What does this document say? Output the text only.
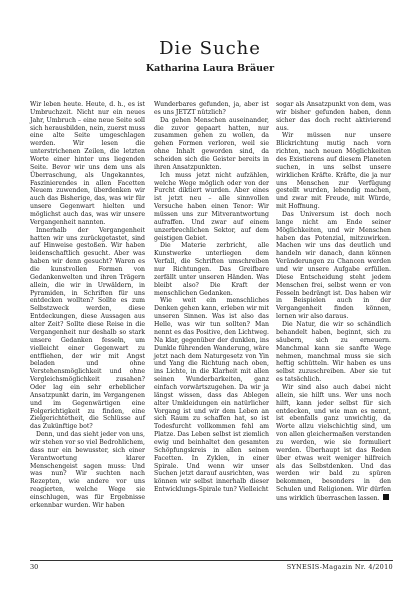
Die Suche
Katharina Laura Bräuer

Wir leben heute. Heute, d. h., es ist Umbruchzeit. Nicht nur ein neues Jahr, Umbruch – eine neue Seite soll sich herausbilden, nein, zuerst muss eine alte Seite umgeschlagen werden. Wir lesen die unterstrichenen Zeilen, die letzten Worte einer hinter uns liegenden Seite. Bevor wir uns dem uns als Überraschung, als Ungekanntes, Faszinierendes in allen Facetten Neuem zuwenden, überdenken wir auch das Bisherige, das, was wir für unsere Gegenwart hielten und möglichst auch das, was wir unsere Vergangenheit nannten.

Innerhalb der Vergangenheit hatten wir uns zurückgetastet, sind auf Hinweise gestoßen. Wir haben leidenschaftlich gesucht. Aber was haben wir denn gesucht? Waren es die kunstvollen Formen von Gedankenwelten und ihren Trägern allein, die wir in Urwäldern, in Pyramiden, in Schriften für uns entdecken wollten? Sollte es zum Selbstzweck werden, diese Entdeckungen, diese Aussagen aus alter Zeit? Sollte diese Reise in die Vergangenheit nur deshalb so stark unsere Gedanken fesseln, um vielleicht einer Gegenwart zu entfliehen, der wir mit Angst beladen und ohne Verstehensmöglichkeit und ohne Vergleichsmöglichkeit zusahen? Oder lag ein sehr erheblicher Ansatzpunkt darin, im Vergangenen und im Gegenwärtigen eine Folgerichtigkeit zu finden, eine Zielgerichtetheit, die Schlüsse auf das Zukünftige bot?

Denn, und das sieht jeder von uns, wir stehen vor so viel Bedrohlichem, dass nur ein bewusster, sich einer Verantwortung klarer Menschengeist sagen muss: Und was nun? Wir suchten nach Rezepten, wie andere vor uns reagierten, welche Wege sie einschlugen, was für Ergebnisse erkennbar wurden. Wir haben

Wunderbares gefunden, ja, aber ist es uns JETZT nützlich?

Da gehen Menschen auseinander, die zuvor gepaart hatten, nur zusammen gehen zu wollen, da gehen Formen verloren, weil sie ohne Inhalt geworden sind, da scheiden sich die Geister bereits in ihren Ansatzpunkten.

Ich muss jetzt nicht aufzählen, welche Wege möglich oder von der Furcht diktiert wurden. Aber eines ist jetzt neu – alle sinnvollen Versuche haben einen Tenor: Wir müssen uns zur Mitverantwortung aufraffen. Und zwar auf einem unzerbrechlichen Sektor, auf dem geistigen Gebiet.

Die Materie zerbricht, alle Kunstwerke unterliegen dem Verfall, die Schriften umschreiben nur Richtungen. Das Greifbare zerfällt unter unseren Händen. Was bleibt also? Die Kraft der menschlichen Gedanken.

Wie weit ein menschliches Denken gehen kann, erleben wir mit unseren Sinnen. Was ist also das Helle, was wir tun sollten? Man nennt es das Positive, den Lichtweg. Na klar, gegenüber der dunklen, ins Dunkle führenden Wanderung, wäre jetzt nach dem Naturgesetz von Yin und Yang die Richtung nach oben, ins Lichte, in die Klarheit mit allen seinen Wunderbarkeiten, ganz einfach vorwärtszugehen. Da wir ja längst wissen, dass das Ablegen alter Umkleidungen ein natürlicher Vorgang ist und wir dem Leben an sich Raum zu schaffen hat, so ist Todesfurcht vollkommen fehl am Platze. Das Leben selbst ist ziemlich ewig und beinhaltet den gesamten Schöpfungskreis in allen seinen Facetten. In Zyklen, in einer Spirale. Und wenn wir unser Suchen jetzt darauf ausrichten, was können wir selbst innerhalb dieser Entwicklungs-Spirale tun? Vielleicht

sogar als Ansatzpunkt von dem, was wir bisher gefunden haben, denn sicher das doch recht aktivierend aus.

Wir müssen nur unsere Blickrichtung mutig nach vorn richten, nach neuen Möglichkeiten des Existierens auf diesem Planeten suchen, in uns selbst unsere wirklichen Kräfte. Kräfte, die ja nur uns Menschen zur Verfügung gestellt wurden, lebendig machen, und zwar mit Freude, mit Würde, mit Hoffnung.

Das Universum ist doch noch lange nicht am Ende seiner Möglichkeiten, und wir Menschen haben das Potenzial, mitzuwirken. Machen wir uns das deutlich und handeln wir danach, dann können Veränderungen zu Chancen werden und wir unsere Aufgabe erfüllen. Diese Entscheidung steht jedem Menschen frei, selbst wenn er von Fesseln bedrängt ist. Das haben wir in Beispielen auch in der Vergangenheit finden können, lernen wir also daraus.

Die Natur, die wir so schändlich behandelt haben, beginnt, sich zu säubern, sich zu erneuern. Manchmal kann sie sanfte Wege nehmen, manchmal muss sie sich heftig schütteln. Wir haben es uns selbst zuzuschreiben. Aber sie tut es tatsächlich.

Wir sind also auch dabei nicht allein, sie hilft uns. Wer uns noch hilft, kann jeder selbst für sich entdecken, und wie man es nennt, ist ebenfalls ganz unwichtig, da Worte allzu vielschichtig sind, um von allen gleichermaßen verstanden zu werden, wie sie formuliert werden. Überhaupt ist das Reden über etwas weit weniger hilfreich als das Selbstdenken. Und das werden wir bald zu spüren bekommen, besonders in den Schulen und Religionen. Wir dürfen uns wirklich überraschen lassen.

30	SYNESIS-Magazin Nr. 4/2010
